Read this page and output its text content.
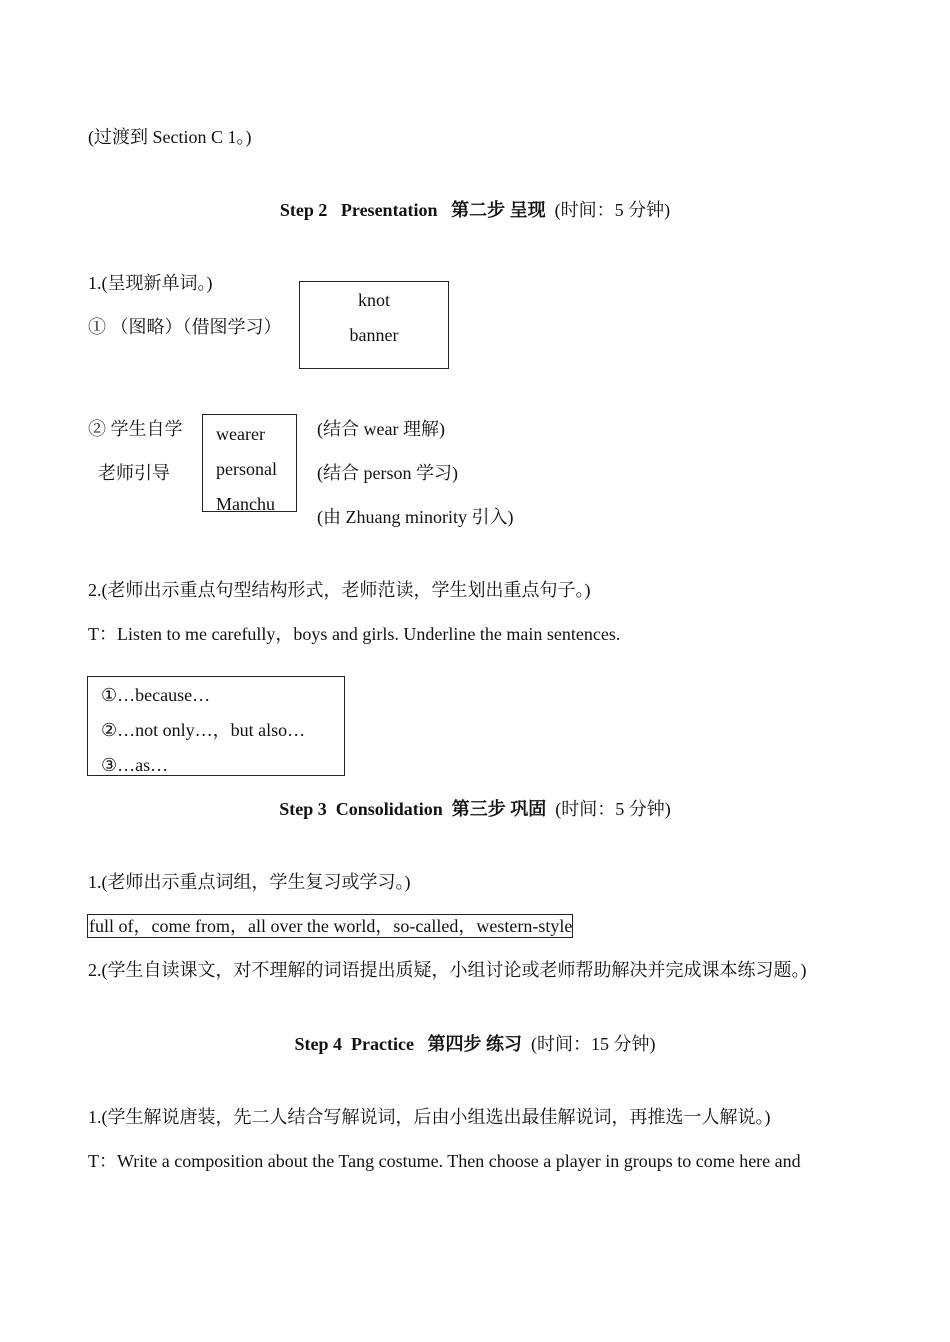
(过渡到 Section C 1。)
Step 2   Presentation 第二步 呈现 (时间：5 分钟)
1.(呈现新单词。)
① （图略）（借图学习）
knot
banner
② 学生自学
老师引导
wearer
personal
Manchu
(结合 wear 理解)
(结合 person 学习)
(由 Zhuang minority 引入)
2.(老师出示重点句型结构形式，老师范读，学生划出重点句子。)
T：Listen to me carefully，boys and girls. Underline the main sentences.
①…because…
②…not only…，but also…
③…as…
Step 3  Consolidation 第三步 巩固 (时间：5 分钟)
1.(老师出示重点词组，学生复习或学习。)
full of，come from，all over the world，so-called，western-style
2.(学生自读课文，对不理解的词语提出质疑，小组讨论或老师帮助解决并完成课本练习题。)
Step 4  Practice 第四步 练习 (时间：15 分钟)
1.(学生解说唐装，先二人结合写解说词，后由小组选出最佳解说词，再推选一人解说。)
T：Write a composition about the Tang costume. Then choose a player in groups to come here and
